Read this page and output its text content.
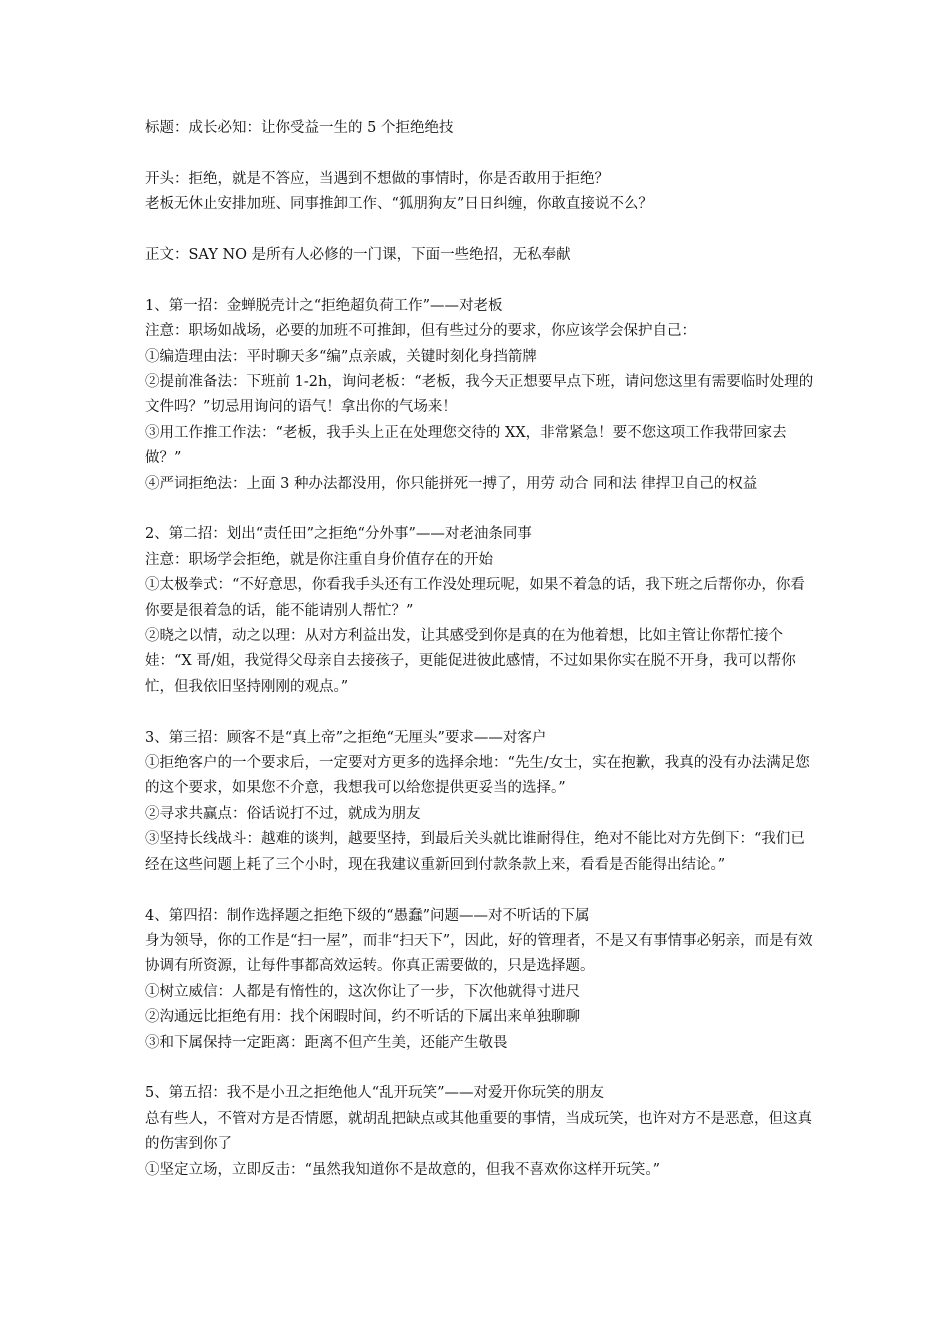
标题：成长必知：让你受益一生的 5 个拒绝绝技

开头：拒绝，就是不答应，当遇到不想做的事情时，你是否敢用于拒绝？

老板无休止安排加班、同事推卸工作、“狐朋狗友”日日纠缠，你敢直接说不么？

正文：SAY NO 是所有人必修的一门课，下面一些绝招，无私奉献

1、第一招：金蝉脱壳计之“拒绝超负荷工作”——对老板

注意：职场如战场，必要的加班不可推卸，但有些过分的要求，你应该学会保护自己：

①编造理由法：平时聊天多“编”点亲戚，关键时刻化身挡箭牌

②提前准备法：下班前 1-2h，询问老板：“老板，我今天正想要早点下班，请问您这里有需要临时处理的文件吗？”切忌用询问的语气！拿出你的气场来！

③用工作推工作法：“老板，我手头上正在处理您交待的 XX，非常紧急！要不您这项工作我带回家去做？”

④严词拒绝法：上面 3 种办法都没用，你只能拼死一搏了，用劳 动合 同和法 律捍卫自己的权益

2、第二招：划出“责任田”之拒绝“分外事”——对老油条同事

注意：职场学会拒绝，就是你注重自身价值存在的开始

①太极拳式：“不好意思，你看我手头还有工作没处理玩呢，如果不着急的话，我下班之后帮你办，你看你要是很着急的话，能不能请别人帮忙？”

②晓之以情，动之以理：从对方利益出发，让其感受到你是真的在为他着想，比如主管让你帮忙接个娃：“X 哥/姐，我觉得父母亲自去接孩子，更能促进彼此感情，不过如果你实在脱不开身，我可以帮你忙，但我依旧坚持刚刚的观点。”

3、第三招：顾客不是“真上帝”之拒绝“无厘头”要求——对客户

①拒绝客户的一个要求后，一定要对方更多的选择余地：“先生/女士，实在抱歉，我真的没有办法满足您的这个要求，如果您不介意，我想我可以给您提供更妥当的选择。”

②寻求共赢点：俗话说打不过，就成为朋友

③坚持长线战斗：越难的谈判，越要坚持，到最后关头就比谁耐得住，绝对不能比对方先倒下：“我们已经在这些问题上耗了三个小时，现在我建议重新回到付款条款上来，看看是否能得出结论。”

4、第四招：制作选择题之拒绝下级的“愚蠢”问题——对不听话的下属

身为领导，你的工作是“扫一屋”，而非“扫天下”，因此，好的管理者，不是又有事情事必躬亲，而是有效协调有所资源，让每件事都高效运转。你真正需要做的，只是选择题。

①树立威信：人都是有惰性的，这次你让了一步，下次他就得寸进尺

②沟通远比拒绝有用：找个闲暇时间，约不听话的下属出来单独聊聊

③和下属保持一定距离：距离不但产生美，还能产生敬畏

5、第五招：我不是小丑之拒绝他人“乱开玩笑”——对爱开你玩笑的朋友

总有些人，不管对方是否情愿，就胡乱把缺点或其他重要的事情，当成玩笑，也许对方不是恶意，但这真的伤害到你了

①坚定立场，立即反击：“虽然我知道你不是故意的，但我不喜欢你这样开玩笑。”
